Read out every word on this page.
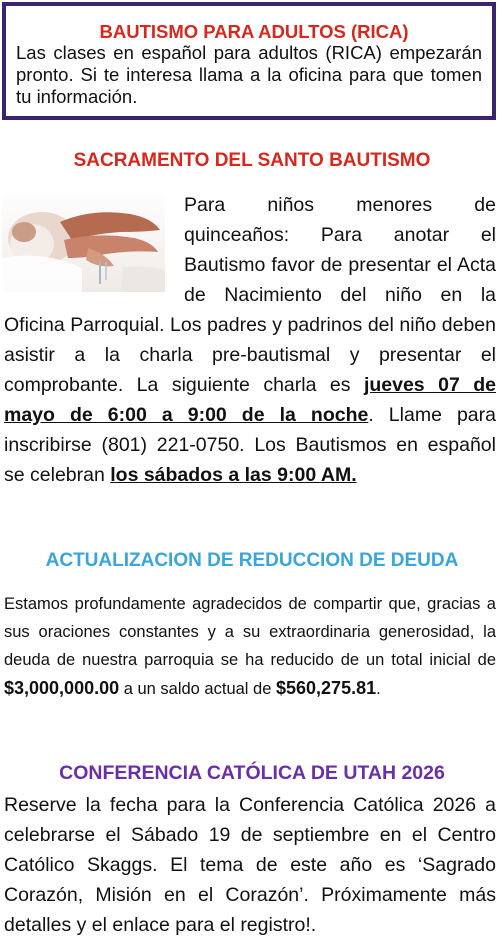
BAUTISMO PARA ADULTOS (RICA)
Las clases en español para adultos (RICA) empezarán pronto. Si te interesa llama a la oficina para que tomen tu información.
SACRAMENTO DEL SANTO BAUTISMO
Para niños menores de quinceaños: Para anotar el Bautismo favor de presentar el Acta de Nacimiento del niño en la Oficina Parroquial. Los padres y padrinos del niño deben asistir a la charla pre-bautismal y presentar el comprobante. La siguiente charla es jueves 07 de mayo de 6:00 a 9:00 de la noche. Llame para inscribirse (801) 221-0750. Los Bautismos en español se celebran los sábados a las 9:00 AM.
ACTUALIZACION DE REDUCCION DE DEUDA
Estamos profundamente agradecidos de compartir que, gracias a sus oraciones constantes y a su extraordinaria generosidad, la deuda de nuestra parroquia se ha reducido de un total inicial de $3,000,000.00 a un saldo actual de $560,275.81.
CONFERENCIA CATÓLICA DE UTAH 2026
Reserve la fecha para la Conferencia Católica 2026 a celebrarse el Sábado 19 de septiembre en el Centro Católico Skaggs. El tema de este año es ‘Sagrado Corazón, Misión en el Corazón’. Próximamente más detalles y el enlace para el registro!.
